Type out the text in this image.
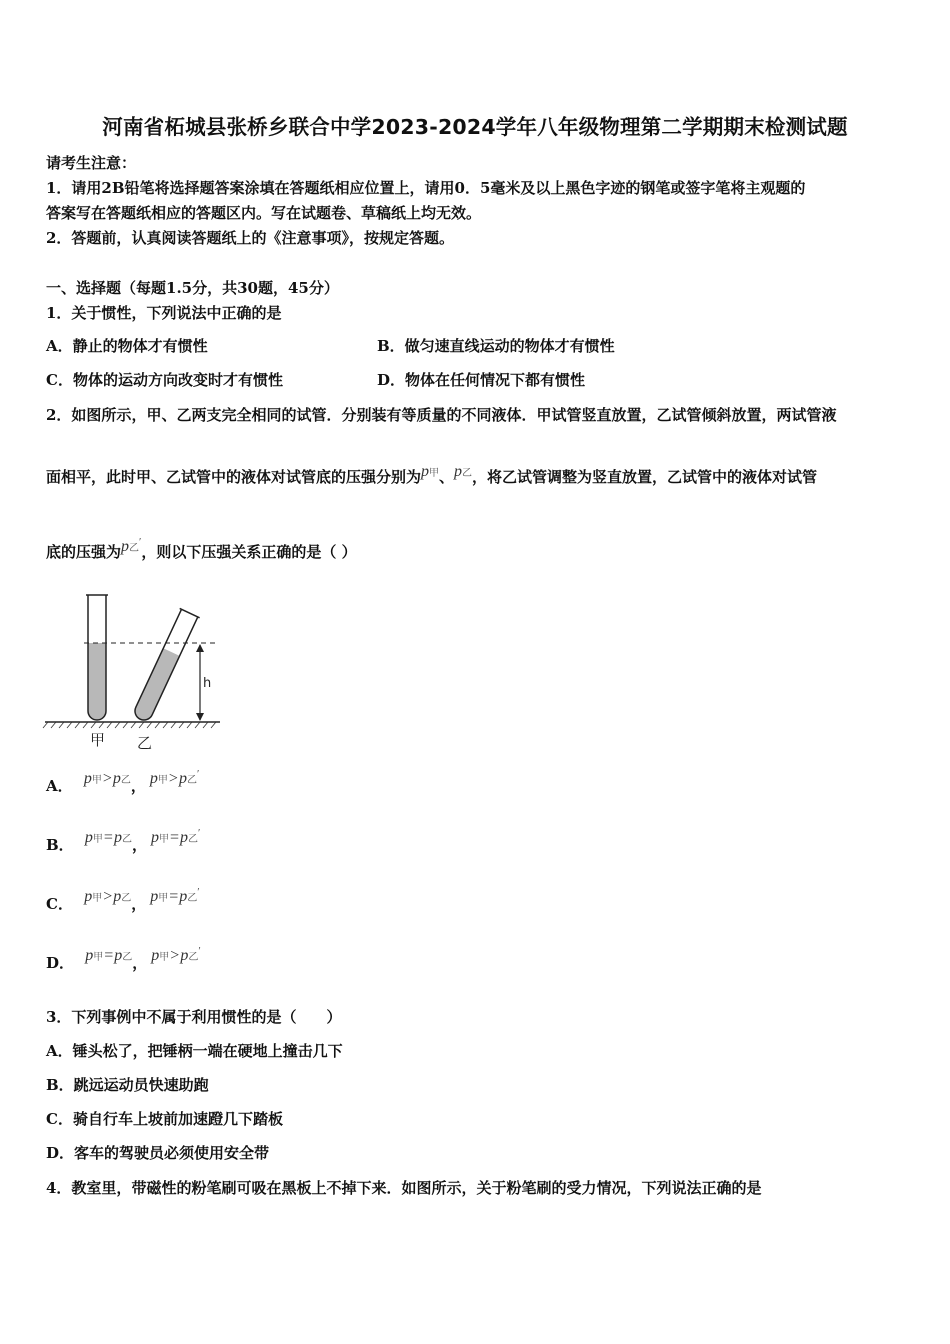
河南省柘城县张桥乡联合中学2023-2024学年八年级物理第二学期期末检测试题
请考生注意：
1．请用2B铅笔将选择题答案涂填在答题纸相应位置上，请用0．5毫米及以上黑色字迹的钢笔或签字笔将主观题的
答案写在答题纸相应的答题区内。写在试题卷、草稿纸上均无效。
2．答题前，认真阅读答题纸上的《注意事项》，按规定答题。
一、选择题（每题1.5分，共30题，45分）
1．关于惯性，下列说法中正确的是
A．静止的物体才有惯性	B．做匀速直线运动的物体才有惯性
C．物体的运动方向改变时才有惯性	D．物体在任何情况下都有惯性
2．如图所示，甲、乙两支完全相同的试管．分别装有等质量的不同液体．甲试管竖直放置，乙试管倾斜放置，两试管液
面相平，此时甲、乙试管中的液体对试管底的压强分别为p甲、p乙，将乙试管调整为竖直放置，乙试管中的液体对试管
底的压强为p乙′，则以下压强关系正确的是（ ）
h
甲 乙
A． p甲>p乙， p甲>p乙′
B． p甲=p乙， p甲=p乙′
C． p甲>p乙， p甲=p乙′
D． p甲=p乙， p甲>p乙′
3．下列事例中不属于利用惯性的是（　　）
A．锤头松了，把锤柄一端在硬地上撞击几下
B．跳远运动员快速助跑
C．骑自行车上坡前加速蹬几下踏板
D．客车的驾驶员必须使用安全带
4．教室里，带磁性的粉笔刷可吸在黑板上不掉下来．如图所示，关于粉笔刷的受力情况，下列说法正确的是
